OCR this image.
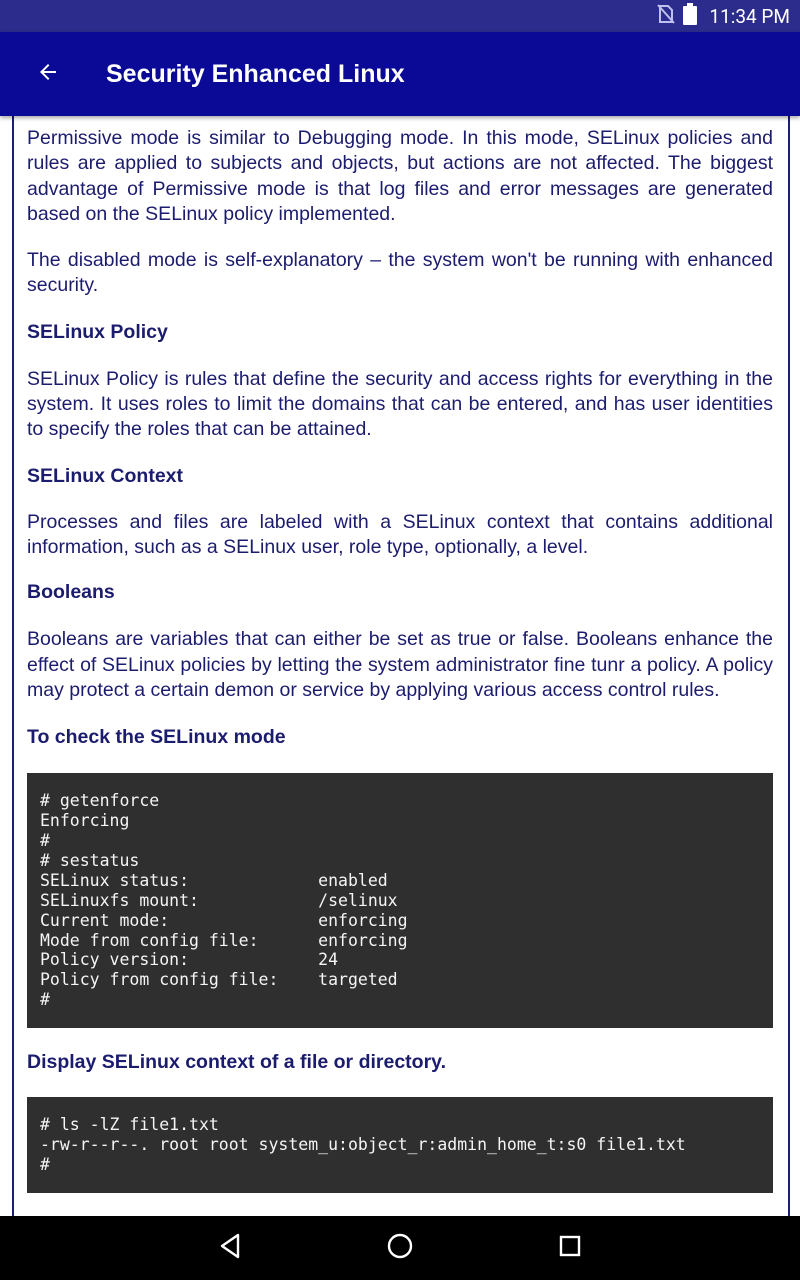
11:34 PM
Security Enhanced Linux

Permissive mode is similar to Debugging mode. In this mode, SELinux policies and rules are applied to subjects and objects, but actions are not affected. The biggest advantage of Permissive mode is that log files and error messages are generated based on the SELinux policy implemented.

The disabled mode is self-explanatory – the system won't be running with enhanced security.

SELinux Policy

SELinux Policy is rules that define the security and access rights for everything in the system. It uses roles to limit the domains that can be entered, and has user identities to specify the roles that can be attained.

SELinux Context

Processes and files are labeled with a SELinux context that contains additional information, such as a SELinux user, role type, optionally, a level.

Booleans

Booleans are variables that can either be set as true or false. Booleans enhance the effect of SELinux policies by letting the system administrator fine tunr a policy. A policy may protect a certain demon or service by applying various access control rules.

To check the SELinux mode
# getenforce
Enforcing
#
# sestatus
SELinux status:             enabled
SELinuxfs mount:            /selinux
Current mode:               enforcing
Mode from config file:      enforcing
Policy version:             24
Policy from config file:    targeted
#
Display SELinux context of a file or directory.
# ls -lZ file1.txt
-rw-r--r--. root root system_u:object_r:admin_home_t:s0 file1.txt
#
